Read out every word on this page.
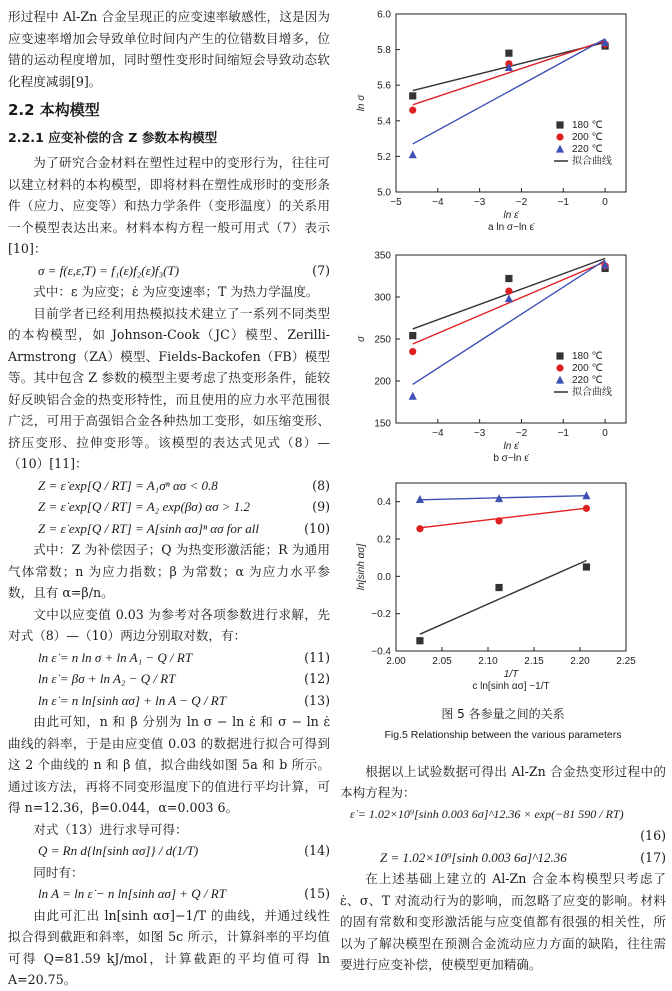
形过程中 Al-Zn 合金呈现正的应变速率敏感性，这是因为应变速率增加会导致单位时间内产生的位错数目增多，位错的运动程度增加，同时塑性变形时间缩短会导致动态软化程度减弱[9]。

2.2 本构模型
2.2.1 应变补偿的含 Z 参数本构模型

为了研究合金材料在塑性过程中的变形行为，往往可以建立材料的本构模型，即将材料在塑性成形时的变形条件（应力、应变等）和热力学条件（变形温度）的关系用一个模型表达出来。材料本构方程一般可用式（7）表示[10]：

σ = f(ε,ε̇,T) = f₁(ε)f₂(ε̇)f₃(T)	(7)

式中：ε 为应变；ε̇ 为应变速率；T 为热力学温度。

目前学者已经利用热模拟技术建立了一系列不同类型的本构模型，如 Johnson-Cook（JC）模型、Zerilli-Armstrong（ZA）模型、Fields-Backofen（FB）模型等。其中包含 Z 参数的模型主要考虑了热变形条件，能较好反映铝合金的热变形特性，而且使用的应力水平范围很广泛，可用于高强铝合金各种热加工变形，如压缩变形、挤压变形、拉伸变形等。该模型的表达式见式（8）—（10）[11]：

Z = ε̇ exp[Q / RT] = A₁σⁿ ασ < 0.8	(8)
Z = ε̇ exp[Q / RT] = A₂ exp(βσ) ασ > 1.2	(9)
Z = ε̇ exp[Q / RT] = A[sinh ασ]ⁿ ασ for all	(10)

式中：Z 为补偿因子；Q 为热变形激活能；R 为通用气体常数；n 为应力指数；β 为常数；α 为应力水平参数，且有 α=β/n。

文中以应变值 0.03 为参考对各项参数进行求解，先对式（8）—（10）两边分别取对数，有：

ln ε̇ = n ln σ + ln A₁ − Q / RT	(11)
ln ε̇ = βσ + ln A₂ − Q / RT	(12)
ln ε̇ = n ln[sinh ασ] + ln A − Q / RT	(13)

由此可知，n 和 β 分别为 ln σ − ln ε̇ 和 σ − ln ε̇ 曲线的斜率，于是由应变值 0.03 的数据进行拟合可得到这 2 个曲线的 n 和 β 值，拟合曲线如图 5a 和 b 所示。通过该方法，再将不同变形温度下的值进行平均计算，可得 n=12.36，β=0.044，α=0.003 6。

对式（13）进行求导可得：

Q = Rn d{ln[sinh ασ]} / d(1/T)	(14)

同时有：

ln A = ln ε̇ − n ln[sinh ασ] + Q / RT	(15)

由此可汇出 ln[sinh ασ]−1/T 的曲线，并通过线性拟合得到截距和斜率，如图 5c 所示，计算斜率的平均值可得 Q=81.59 kJ/mol，计算截距的平均值可得 ln A=20.75。

−5	−4	−3	−2	−1	0
5.0
5.2
5.4
5.6
5.8
6.0
ln ε̇
ln σ
a ln σ−ln ε̇
180 ℃
200 ℃
220 ℃
拟合曲线

−4	−3	−2	−1	0
150
200
250
300
350
ln ε̇
σ
b σ−ln ε̇
180 ℃
200 ℃
220 ℃
拟合曲线

2.00	2.05	2.10	2.15	2.20	2.25
−0.4
−0.2
0.0
0.2
0.4
1/T
ln[sinh ασ]
c ln[sinh ασ] −1/T
图 5 各参量之间的关系
Fig.5 Relationship between the various parameters

根据以上试验数据可得出 Al-Zn 合金热变形过程中的本构方程为：

ε̇ = 1.02×10⁹[sinh 0.003 6σ]^12.36 × exp(−81 590 / RT)
(16)
Z = 1.02×10⁹[sinh 0.003 6σ]^12.36	(17)

在上述基础上建立的 Al-Zn 合金本构模型只考虑了 ε̇、σ、T 对流动行为的影响，而忽略了应变的影响。材料的固有常数和变形激活能与应变值都有很强的相关性，所以为了解决模型在预测合金流动应力方面的缺陷，往往需要进行应变补偿，使模型更加精确。
